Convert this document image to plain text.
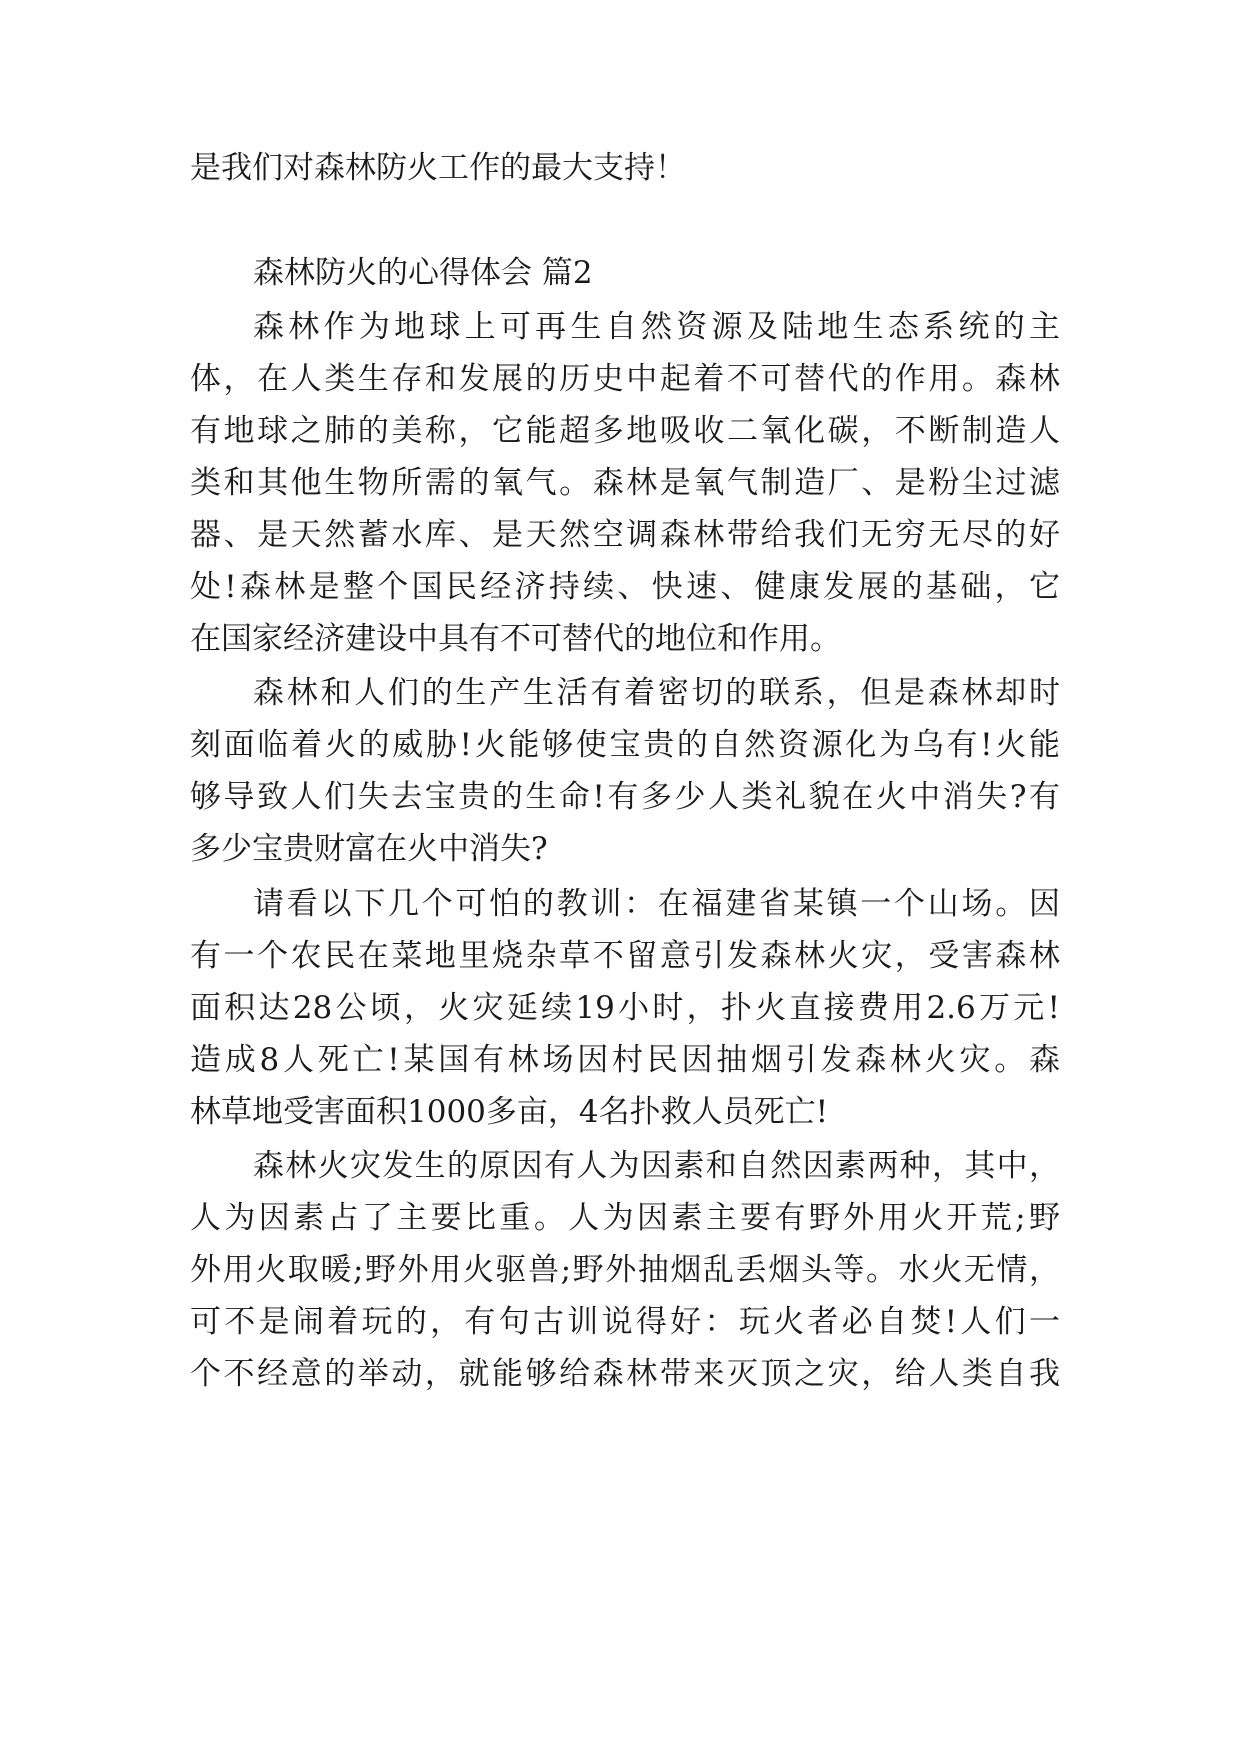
是我们对森林防火工作的最大支持！
森林防火的心得体会 篇2
森林作为地球上可再生自然资源及陆地生态系统的主
体，在人类生存和发展的历史中起着不可替代的作用。森林
有地球之肺的美称，它能超多地吸收二氧化碳，不断制造人
类和其他生物所需的氧气。森林是氧气制造厂、是粉尘过滤
器、是天然蓄水库、是天然空调森林带给我们无穷无尽的好
处!森林是整个国民经济持续、快速、健康发展的基础，它
在国家经济建设中具有不可替代的地位和作用。
森林和人们的生产生活有着密切的联系，但是森林却时
刻面临着火的威胁!火能够使宝贵的自然资源化为乌有!火能
够导致人们失去宝贵的生命!有多少人类礼貌在火中消失?有
多少宝贵财富在火中消失?
请看以下几个可怕的教训：在福建省某镇一个山场。因
有一个农民在菜地里烧杂草不留意引发森林火灾，受害森林
面积达28公顷，火灾延续19小时，扑火直接费用2.6万元!
造成8人死亡!某国有林场因村民因抽烟引发森林火灾。森
林草地受害面积1000多亩，4名扑救人员死亡!
森林火灾发生的原因有人为因素和自然因素两种，其中，
人为因素占了主要比重。人为因素主要有野外用火开荒;野
外用火取暖;野外用火驱兽;野外抽烟乱丢烟头等。水火无情，
可不是闹着玩的，有句古训说得好：玩火者必自焚!人们一
个不经意的举动，就能够给森林带来灭顶之灾，给人类自我
